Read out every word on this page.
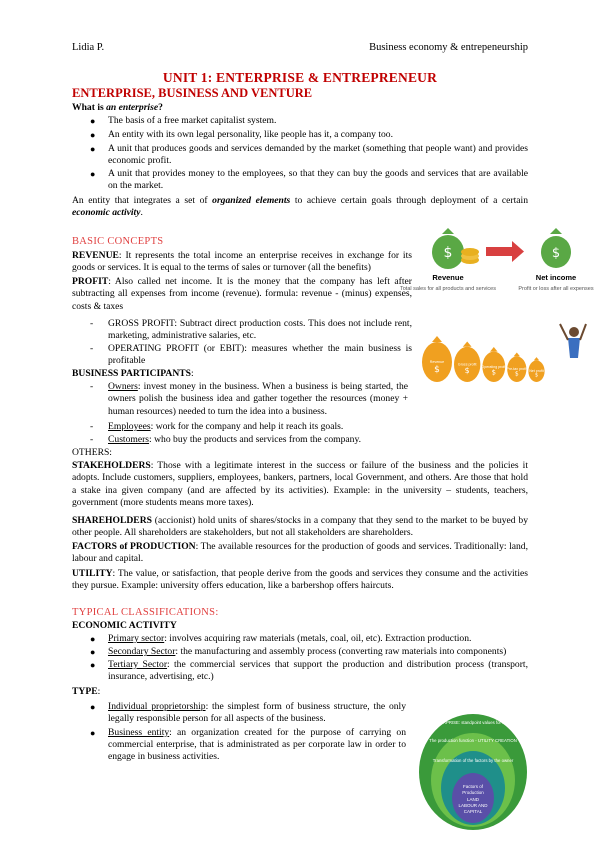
Lidia P.	Business economy & entrepeneurship
UNIT 1: ENTERPRISE & ENTREPRENEUR
ENTERPRISE, BUSINESS AND VENTURE
What is an enterprise?
● The basis of a free market capitalist system.
● An entity with its own legal personality, like people has it, a company too.
● A unit that produces goods and services demanded by the market (something that people want) and provides economic profit.
● A unit that provides money to the employees, so that they can buy the goods and services that are available on the market.
An entity that integrates a set of organized elements to achieve certain goals through deployment of a certain economic activity.
BASIC CONCEPTS
REVENUE: It represents the total income an enterprise receives in exchange for its goods or services. It is equal to the terms of sales or turnover (all the benefits)
PROFIT: Also called net income. It is the money that the company has left after subtracting all expenses from income (revenue). formula: revenue - (minus) expenses, costs & taxes
- GROSS PROFIT: Subtract direct production costs. This does not include rent, marketing, administrative salaries, etc.
- OPERATING PROFIT (or EBIT): measures whether the main business is profitable
BUSINESS PARTICIPANTS:
- Owners: invest money in the business. When a business is being started, the owners polish the business idea and gather together the resources (money + human resources) needed to turn the idea into a business.
- Employees: work for the company and help it reach its goals.
- Customers: who buy the products and services from the company.
OTHERS:
STAKEHOLDERS: Those with a legitimate interest in the success or failure of the business and the policies it adopts. Include customers, suppliers, employees, bankers, partners, local Government, and others. Are those that hold a stake ina given company (and are affected by its activities). Example: in the university – students, teachers, government (more students means more taxes).
SHAREHOLDERS (accionist) hold units of shares/stocks in a company that they send to the market to be buyed by other people. All shareholders are stakeholders, but not all stakeholders are shareholders.
FACTORS of PRODUCTION: The available resources for the production of goods and services. Traditionally: land, labour and capital.
UTILITY: The value, or satisfaction, that people derive from the goods and services they consume and the activities they pursue. Example: university offers education, like a barbershop offers haircuts.
TYPICAL CLASSIFICATIONS:
ECONOMIC ACTIVITY
● Primary sector: involves acquiring raw materials (metals, coal, oil, etc). Extraction production.
● Secondary Sector: the manufacturing and assembly process (converting raw materials into components)
● Tertiary Sector: the commercial services that support the production and distribution process (transport, insurance, advertising, etc.)
TYPE:
● Individual proprietorship: the simplest form of business structure, the only legally responsible person for all aspects of the business.
● Business entity: an organization created for the purpose of carrying on commercial enterprise, that is administrated as per corporate law in order to engage in business activities.
$	$
Revenue
Total sales for all products and services
Net income
Profit or loss after all expenses
Revenue
$
Gross profit
$	Operating profit
$	Pre-tax profit
$
Net profit
$
The ENTERPRISE: standpoint values for the owners
The production function - UTILITY CREATION
Transformation of the factors by the owner
Factors of
Production
LAND
LABOUR AND
CAPITAL
